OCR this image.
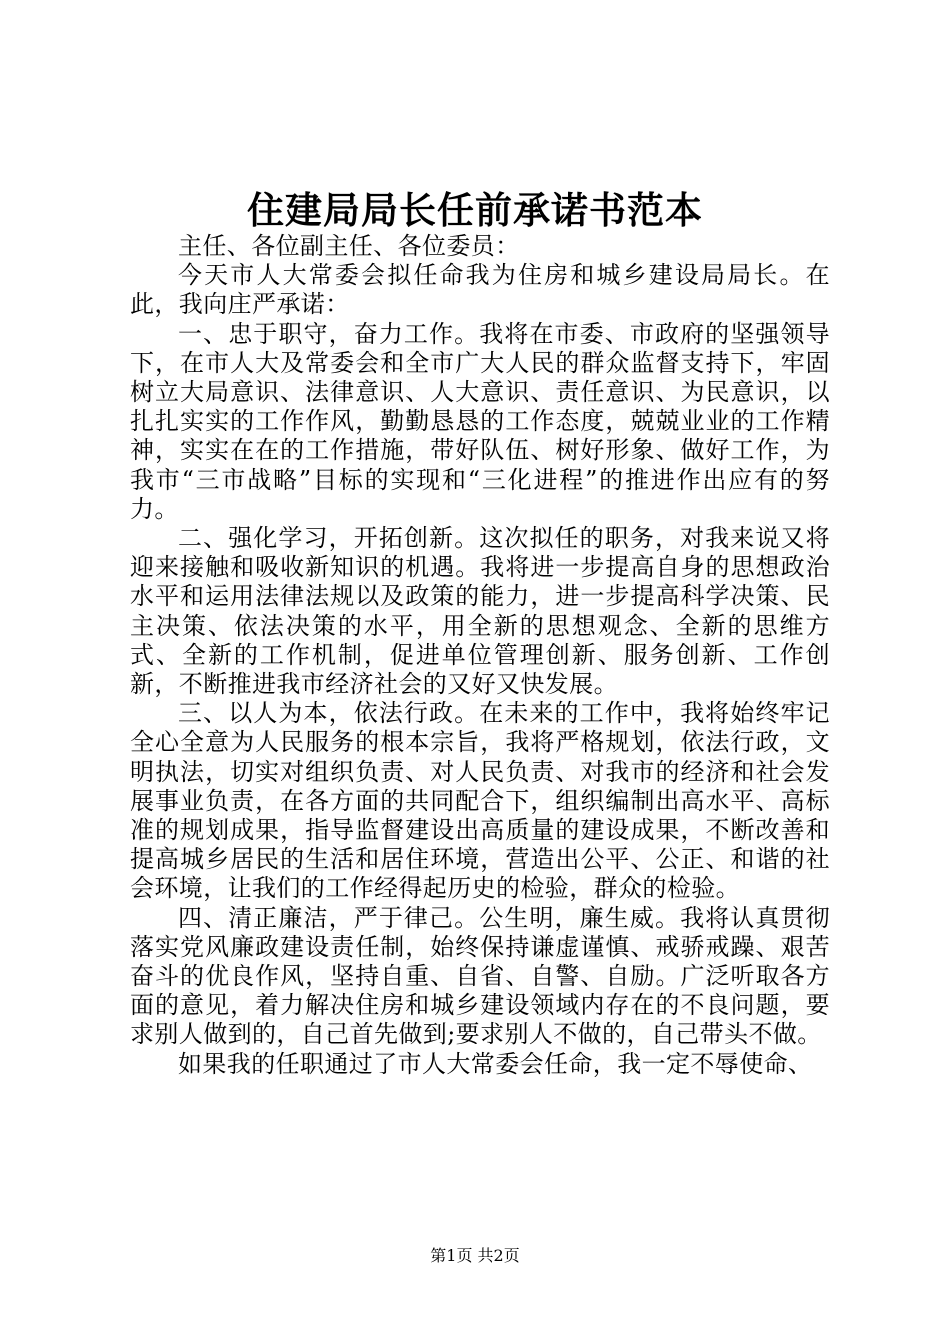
住建局局长任前承诺书范本

主任、各位副主任、各位委员：

今天市人大常委会拟任命我为住房和城乡建设局局长。在此，我向庄严承诺：

一、忠于职守，奋力工作。我将在市委、市政府的坚强领导下，在市人大及常委会和全市广大人民的群众监督支持下，牢固树立大局意识、法律意识、人大意识、责任意识、为民意识，以扎扎实实的工作作风，勤勤恳恳的工作态度，兢兢业业的工作精神，实实在在的工作措施，带好队伍、树好形象、做好工作，为我市“三市战略”目标的实现和“三化进程”的推进作出应有的努力。

二、强化学习，开拓创新。这次拟任的职务，对我来说又将迎来接触和吸收新知识的机遇。我将进一步提高自身的思想政治水平和运用法律法规以及政策的能力，进一步提高科学决策、民主决策、依法决策的水平，用全新的思想观念、全新的思维方式、全新的工作机制，促进单位管理创新、服务创新、工作创新，不断推进我市经济社会的又好又快发展。

三、以人为本，依法行政。在未来的工作中，我将始终牢记全心全意为人民服务的根本宗旨，我将严格规划，依法行政，文明执法，切实对组织负责、对人民负责、对我市的经济和社会发展事业负责，在各方面的共同配合下，组织编制出高水平、高标准的规划成果，指导监督建设出高质量的建设成果，不断改善和提高城乡居民的生活和居住环境，营造出公平、公正、和谐的社会环境，让我们的工作经得起历史的检验，群众的检验。

四、清正廉洁，严于律己。公生明，廉生威。我将认真贯彻落实党风廉政建设责任制，始终保持谦虚谨慎、戒骄戒躁、艰苦奋斗的优良作风，坚持自重、自省、自警、自励。广泛听取各方面的意见，着力解决住房和城乡建设领域内存在的不良问题，要求别人做到的，自己首先做到;要求别人不做的，自己带头不做。

如果我的任职通过了市人大常委会任命，我一定不辱使命、

第1页 共2页
